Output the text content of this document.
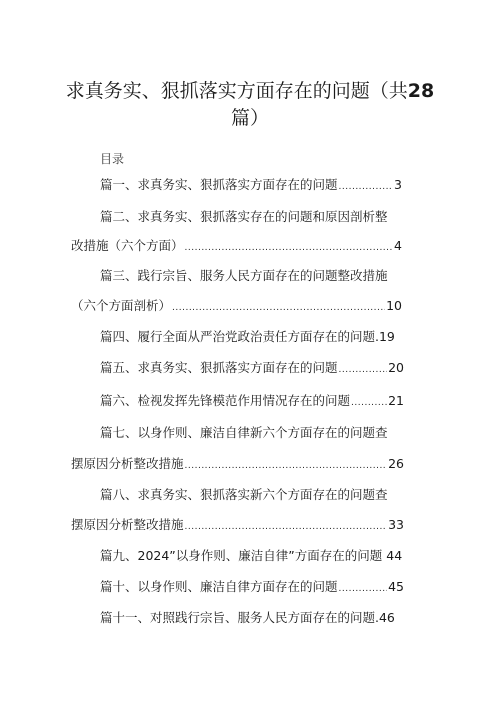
求真务实、狠抓落实方面存在的问题（共28
篇）
目录
篇一、求真务实、狠抓落实方面存在的问题 .....	3
篇二、求真务实、狠抓落实存在的问题和原因剖析整
改措施（六个方面） .....	4
篇三、践行宗旨、服务人民方面存在的问题整改措施
（六个方面剖析） .....	10
篇四、履行全面从严治党政治责任方面存在的问题.19
篇五、求真务实、狠抓落实方面存在的问题 .....	20
篇六、检视发挥先锋模范作用情况存在的问题 .....	21
篇七、以身作则、廉洁自律新六个方面存在的问题查
摆原因分析整改措施 .....	26
篇八、求真务实、狠抓落实新六个方面存在的问题查
摆原因分析整改措施 .....	33
篇九、2024”以身作则、廉洁自律”方面存在的问题 44
篇十、以身作则、廉洁自律方面存在的问题 .....	45
篇十一、对照践行宗旨、服务人民方面存在的问题.46
